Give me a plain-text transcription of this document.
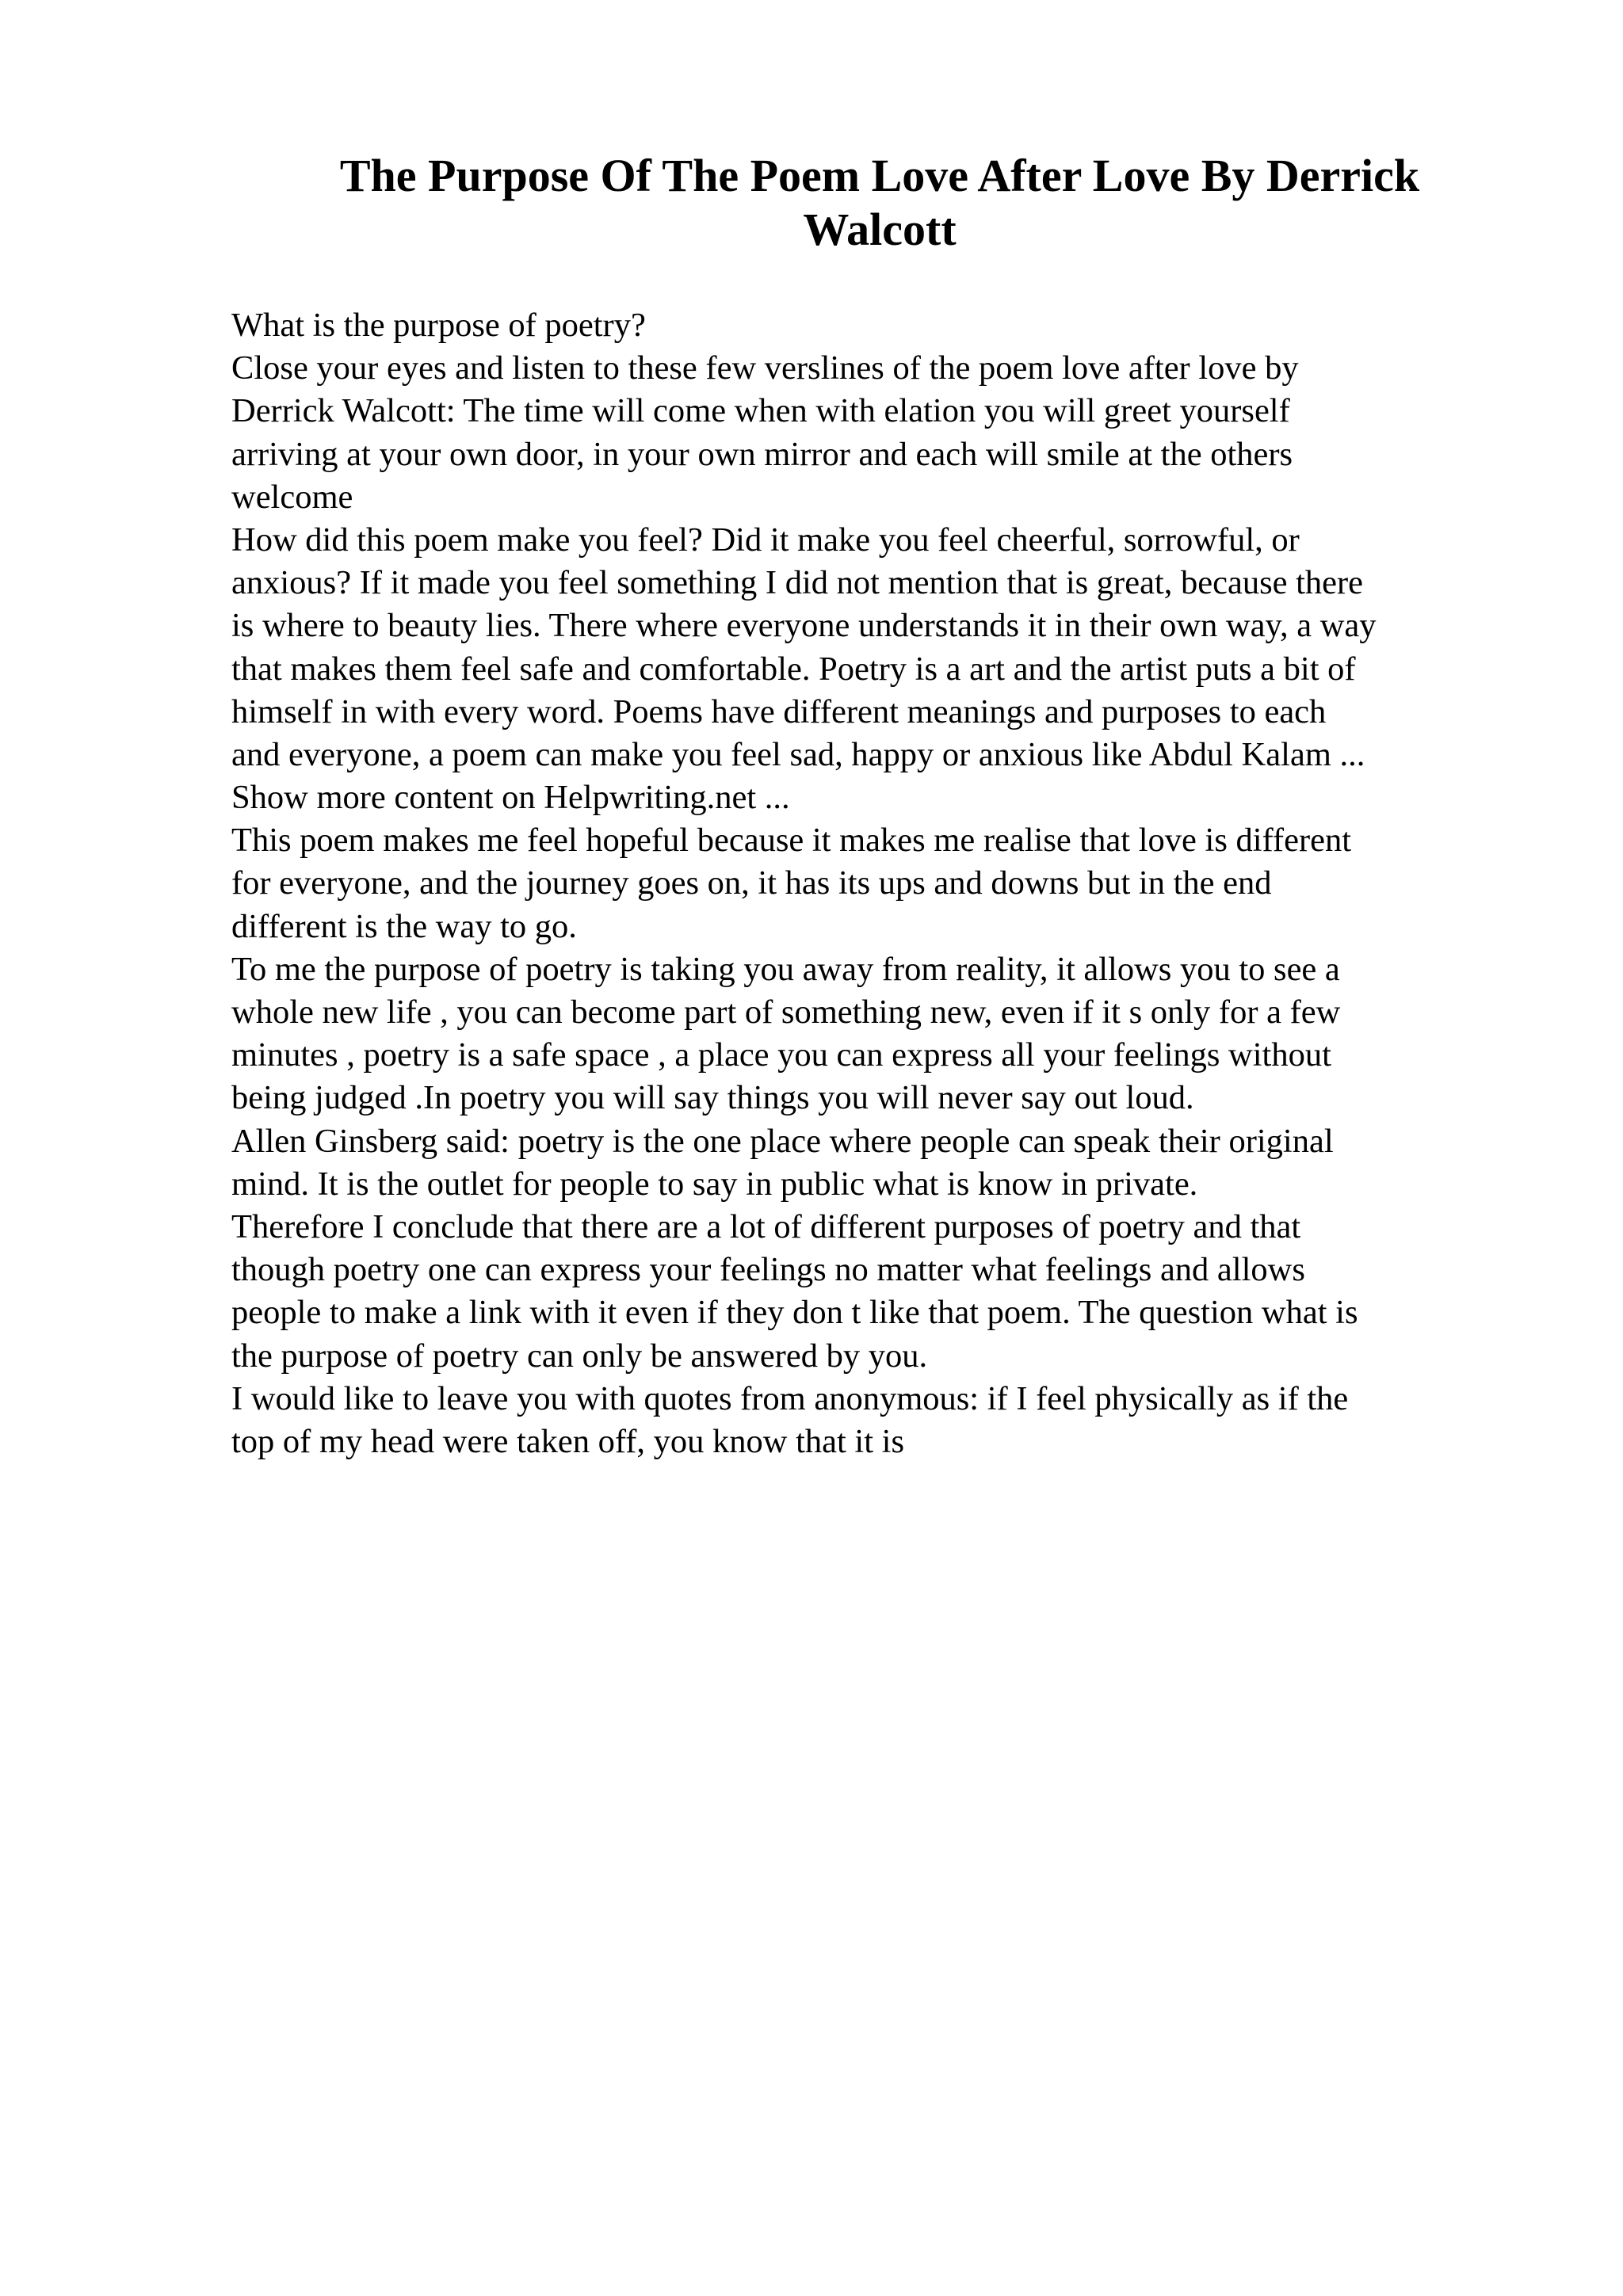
The Purpose Of The Poem Love After Love By Derrick
Walcott
What is the purpose of poetry?
Close your eyes and listen to these few verslines of the poem love after love by
Derrick Walcott: The time will come when with elation you will greet yourself
arriving at your own door, in your own mirror and each will smile at the others
welcome
How did this poem make you feel? Did it make you feel cheerful, sorrowful, or
anxious? If it made you feel something I did not mention that is great, because there
is where to beauty lies. There where everyone understands it in their own way, a way
that makes them feel safe and comfortable. Poetry is a art and the artist puts a bit of
himself in with every word. Poems have different meanings and purposes to each
and everyone, a poem can make you feel sad, happy or anxious like Abdul Kalam ...
Show more content on Helpwriting.net ...
This poem makes me feel hopeful because it makes me realise that love is different
for everyone, and the journey goes on, it has its ups and downs but in the end
different is the way to go.
To me the purpose of poetry is taking you away from reality, it allows you to see a
whole new life , you can become part of something new, even if it s only for a few
minutes , poetry is a safe space , a place you can express all your feelings without
being judged .In poetry you will say things you will never say out loud.
Allen Ginsberg said: poetry is the one place where people can speak their original
mind. It is the outlet for people to say in public what is know in private.
Therefore I conclude that there are a lot of different purposes of poetry and that
though poetry one can express your feelings no matter what feelings and allows
people to make a link with it even if they don t like that poem. The question what is
the purpose of poetry can only be answered by you.
I would like to leave you with quotes from anonymous: if I feel physically as if the
top of my head were taken off, you know that it is
